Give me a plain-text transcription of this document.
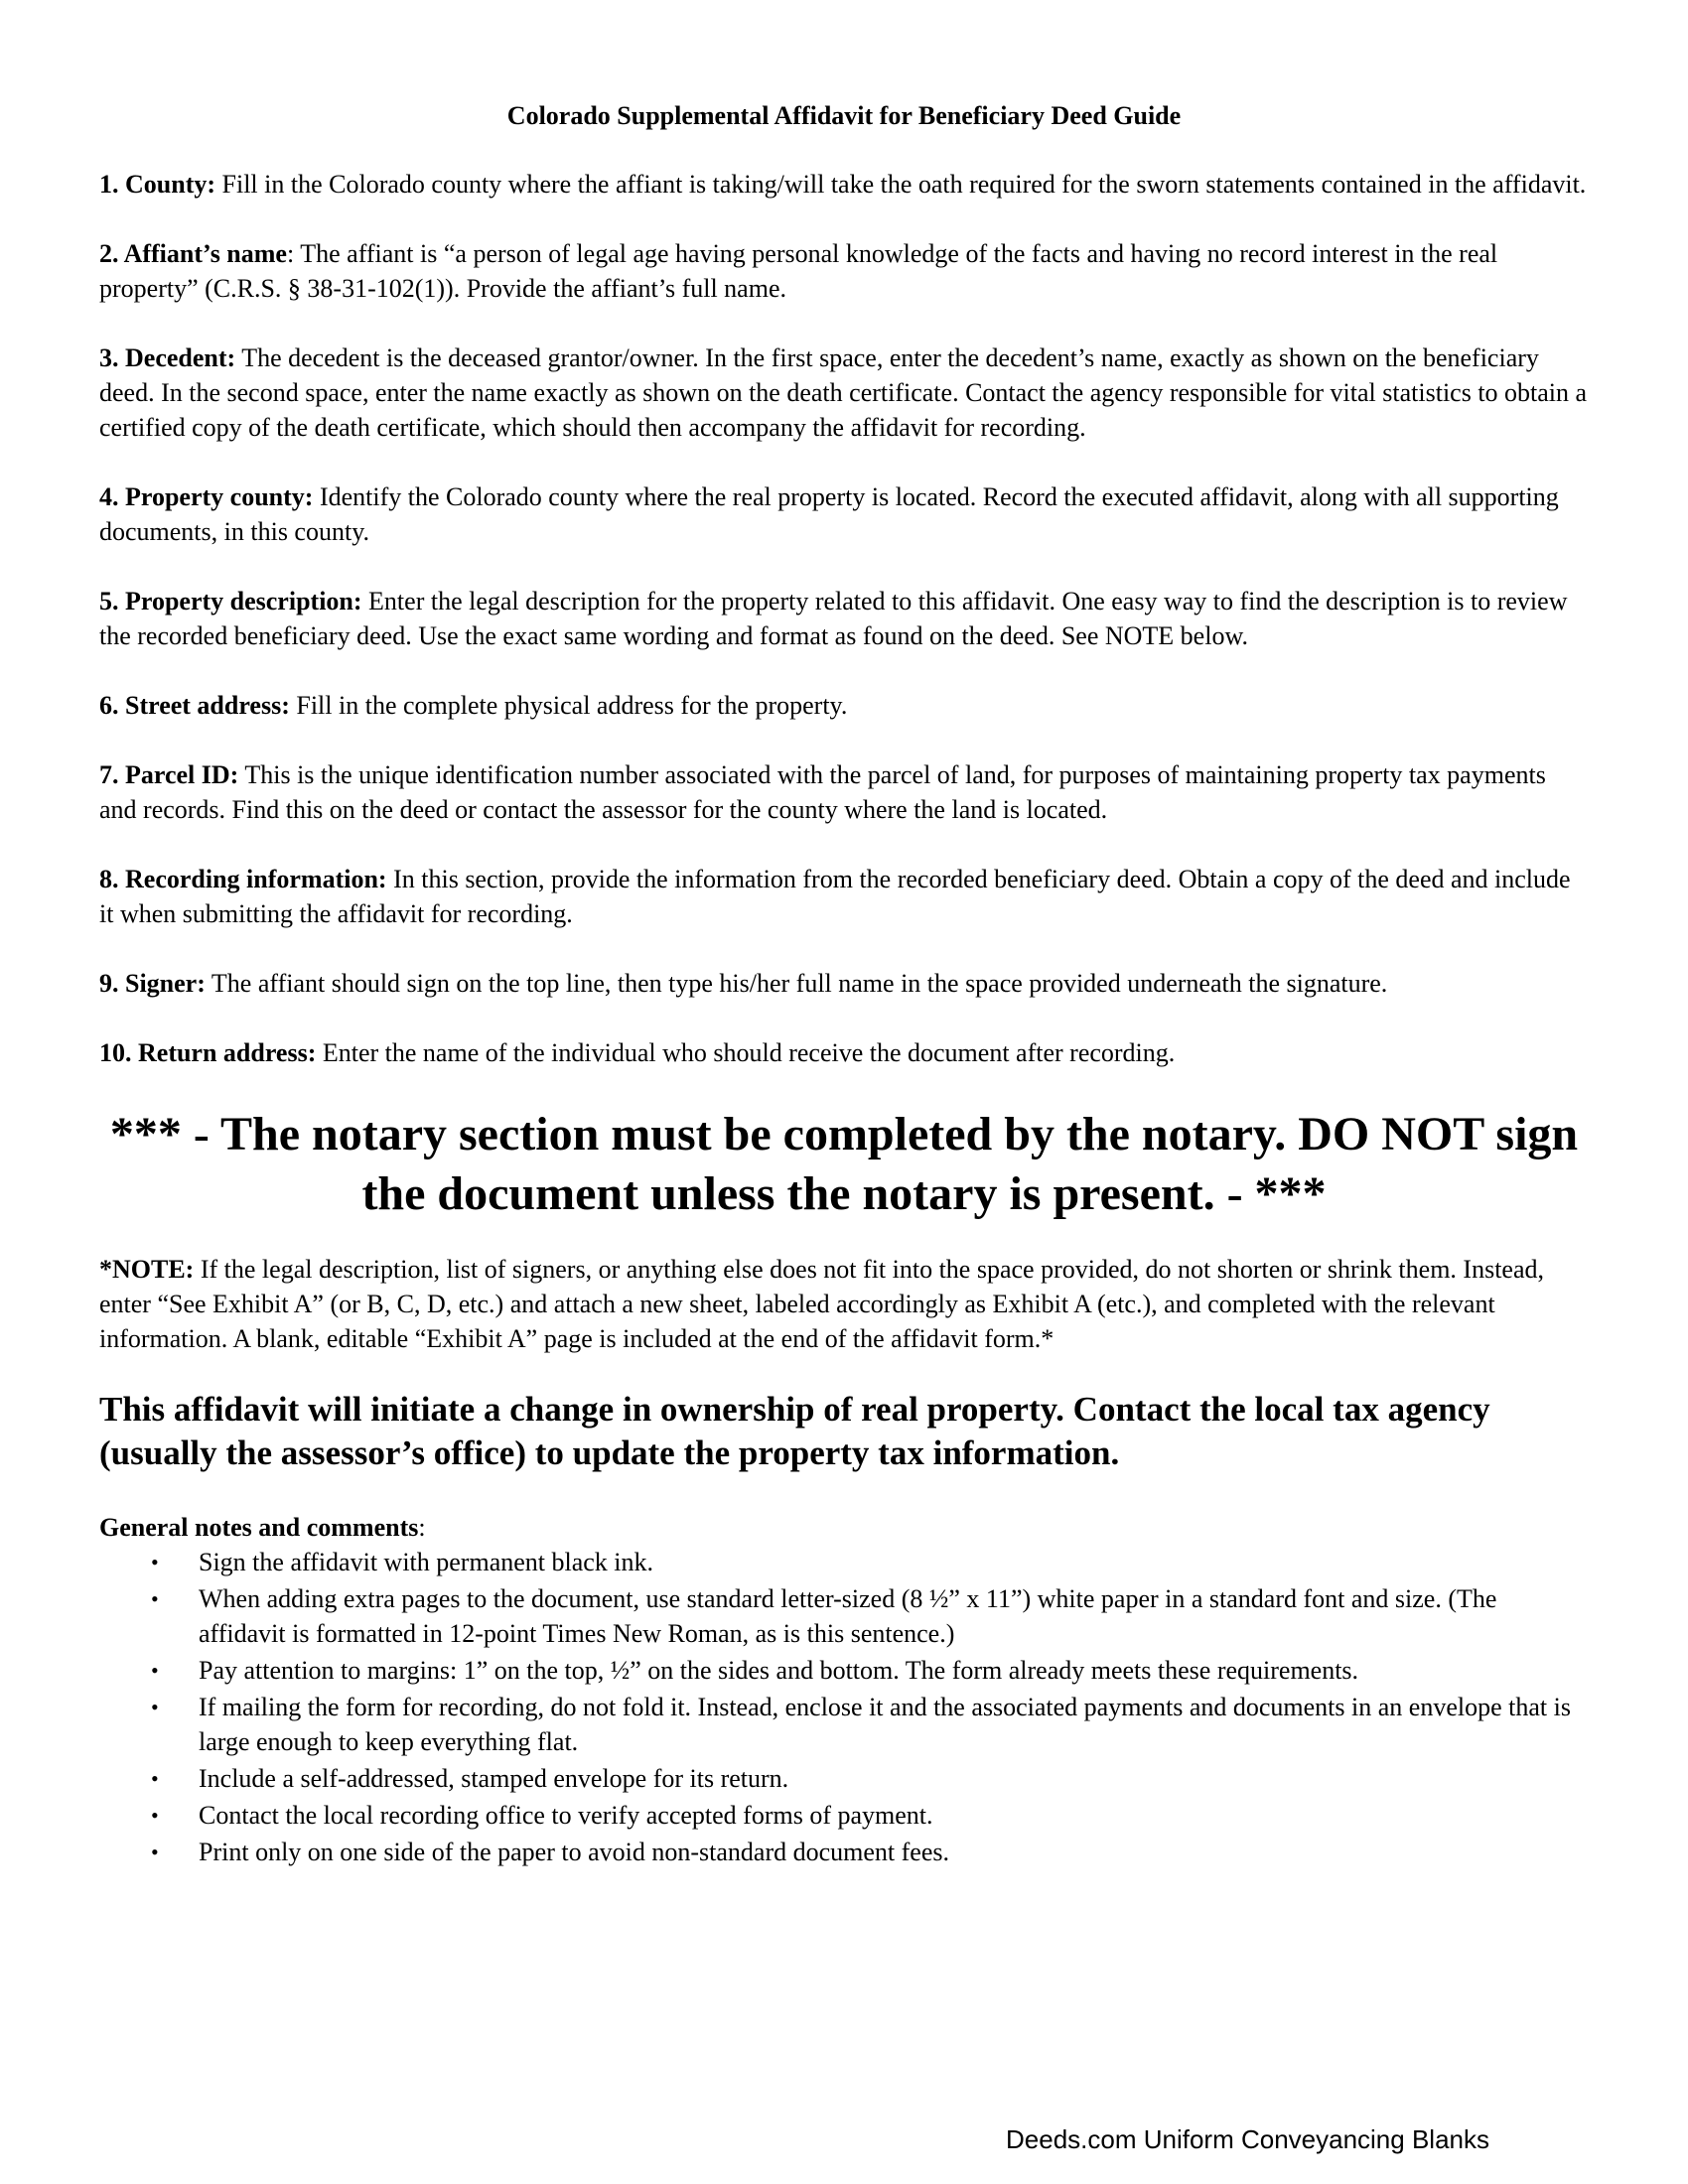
Colorado Supplemental Affidavit for Beneficiary Deed Guide
1. County: Fill in the Colorado county where the affiant is taking/will take the oath required for the sworn statements contained in the affidavit.
2. Affiant’s name: The affiant is “a person of legal age having personal knowledge of the facts and having no record interest in the real property” (C.R.S. § 38-31-102(1)). Provide the affiant’s full name.
3. Decedent: The decedent is the deceased grantor/owner. In the first space, enter the decedent’s name, exactly as shown on the beneficiary deed. In the second space, enter the name exactly as shown on the death certificate. Contact the agency responsible for vital statistics to obtain a certified copy of the death certificate, which should then accompany the affidavit for recording.
4. Property county: Identify the Colorado county where the real property is located. Record the executed affidavit, along with all supporting documents, in this county.
5. Property description: Enter the legal description for the property related to this affidavit. One easy way to find the description is to review the recorded beneficiary deed. Use the exact same wording and format as found on the deed. See NOTE below.
6. Street address: Fill in the complete physical address for the property.
7. Parcel ID: This is the unique identification number associated with the parcel of land, for purposes of maintaining property tax payments and records. Find this on the deed or contact the assessor for the county where the land is located.
8. Recording information: In this section, provide the information from the recorded beneficiary deed. Obtain a copy of the deed and include it when submitting the affidavit for recording.
9. Signer: The affiant should sign on the top line, then type his/her full name in the space provided underneath the signature.
10. Return address: Enter the name of the individual who should receive the document after recording.
*** - The notary section must be completed by the notary. DO NOT sign the document unless the notary is present. - ***
*NOTE: If the legal description, list of signers, or anything else does not fit into the space provided, do not shorten or shrink them. Instead, enter “See Exhibit A” (or B, C, D, etc.) and attach a new sheet, labeled accordingly as Exhibit A (etc.), and completed with the relevant information. A blank, editable “Exhibit A” page is included at the end of the affidavit form.*
This affidavit will initiate a change in ownership of real property. Contact the local tax agency (usually the assessor’s office) to update the property tax information.
General notes and comments:
• Sign the affidavit with permanent black ink.
• When adding extra pages to the document, use standard letter-sized (8 ½” x 11”) white paper in a standard font and size. (The affidavit is formatted in 12-point Times New Roman, as is this sentence.)
• Pay attention to margins: 1” on the top, ½” on the sides and bottom. The form already meets these requirements.
• If mailing the form for recording, do not fold it. Instead, enclose it and the associated payments and documents in an envelope that is large enough to keep everything flat.
• Include a self-addressed, stamped envelope for its return.
• Contact the local recording office to verify accepted forms of payment.
• Print only on one side of the paper to avoid non-standard document fees.
Deeds.com Uniform Conveyancing Blanks
